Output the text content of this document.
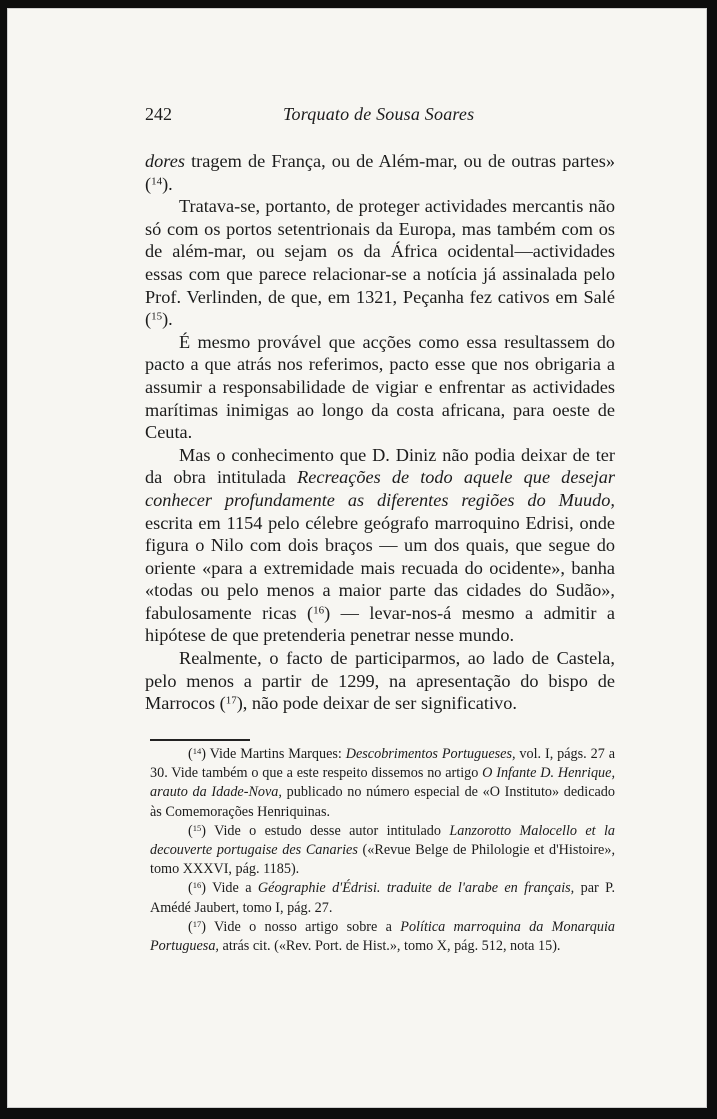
242	Torquato de Sousa Soares

dores tragem de França, ou de Além-mar, ou de outras partes» ($^{14}$).

Tratava-se, portanto, de proteger actividades mercantis não só com os portos setentrionais da Europa, mas também com os de além-mar, ou sejam os da África ocidental—actividades essas com que parece relacionar-se a notícia já assinalada pelo Prof. Verlinden, de que, em 1321, Peçanha fez cativos em Salé ($^{15}$).

É mesmo provável que acções como essa resultassem do pacto a que atrás nos referimos, pacto esse que nos obrigaria a assumir a responsabilidade de vigiar e enfrentar as actividades marítimas inimigas ao longo da costa africana, para oeste de Ceuta.

Mas o conhecimento que D. Diniz não podia deixar de ter da obra intitulada Recreações de todo aquele que desejar conhecer profundamente as diferentes regiões do Muudo, escrita em 1154 pelo célebre geógrafo marroquino Edrisi, onde figura o Nilo com dois braços — um dos quais, que segue do oriente «para a extremidade mais recuada do ocidente», banha «todas ou pelo menos a maior parte das cidades do Sudão», fabulosamente ricas ($^{16}$) — levar-nos-á mesmo a admitir a hipótese de que pretenderia penetrar nesse mundo.

Realmente, o facto de participarmos, ao lado de Castela, pelo menos a partir de 1299, na apresentação do bispo de Marrocos ($^{17}$), não pode deixar de ser significativo.

($^{14}$) Vide Martins Marques: Descobrimentos Portugueses, vol. I, págs. 27 a 30. Vide também o que a este respeito dissemos no artigo O Infante D. Henrique, arauto da Idade-Nova, publicado no número especial de «O Instituto» dedicado às Comemorações Henriquinas.

($^{15}$) Vide o estudo desse autor intitulado Lanzorotto Malocello et la decouverte portugaise des Canaries («Revue Belge de Philologie et d'Histoire», tomo XXXVI, pág. 1185).

($^{16}$) Vide a Géographie d'Édrisi. traduite de l'arabe en français, par P. Amédé Jaubert, tomo I, pág. 27.

($^{17}$) Vide o nosso artigo sobre a Política marroquina da Monarquia Portuguesa, atrás cit. («Rev. Port. de Hist.», tomo X, pág. 512, nota 15).
